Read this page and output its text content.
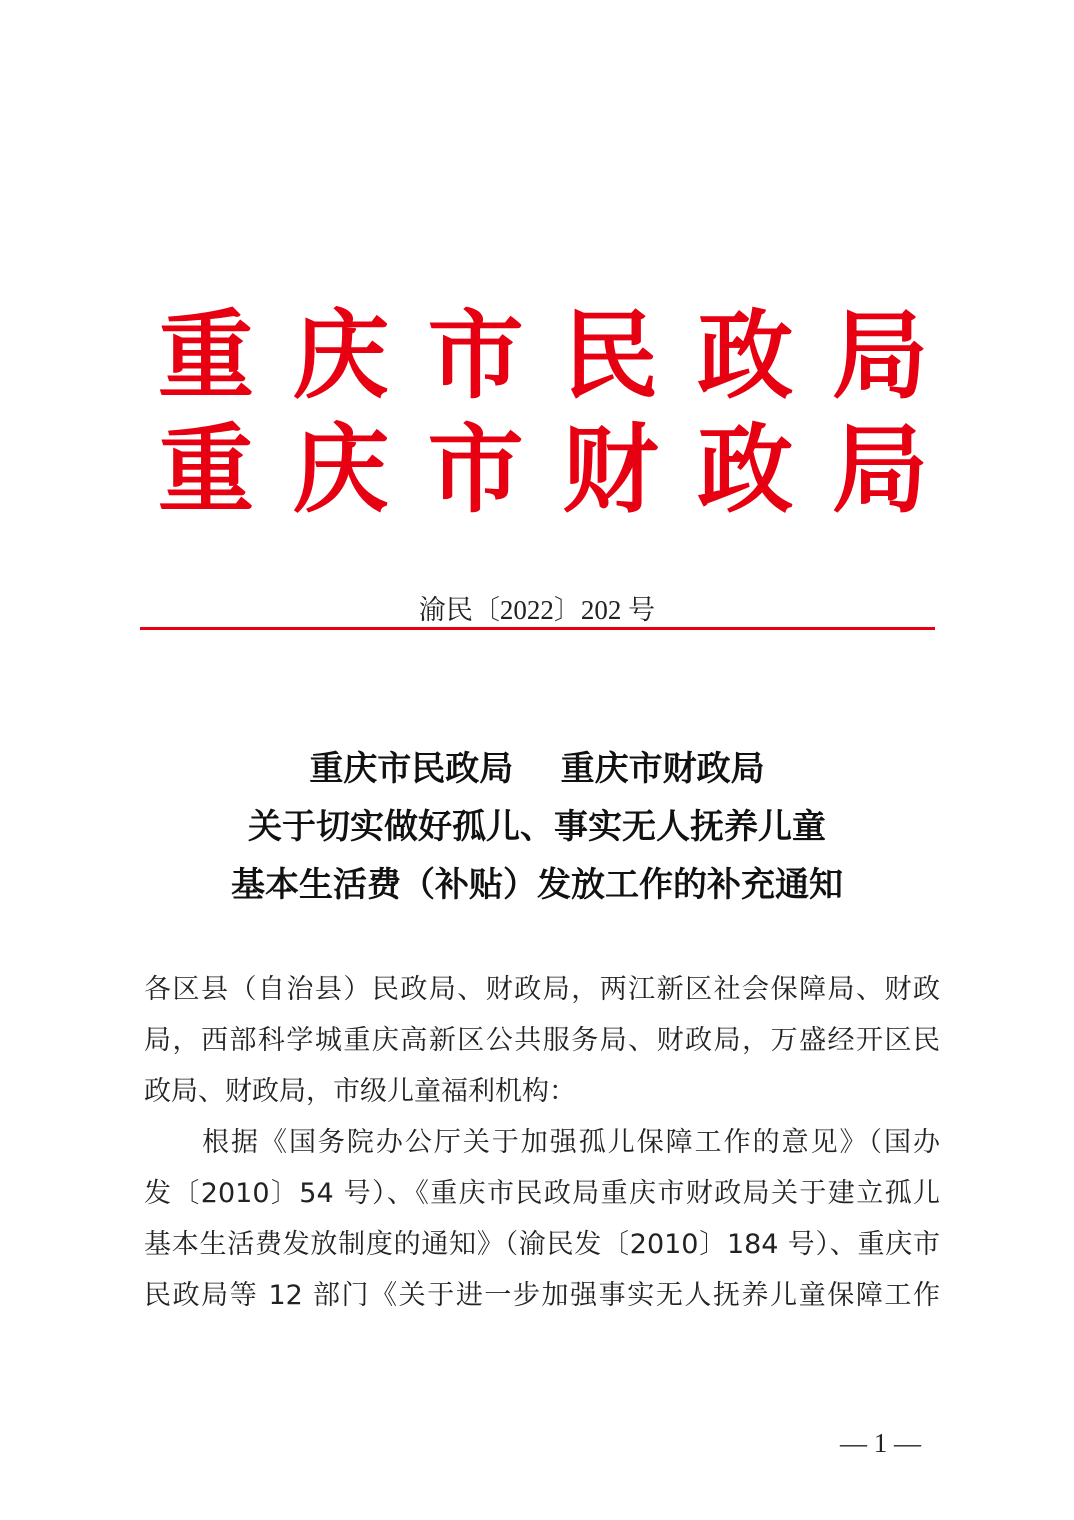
重 庆 市 民 政 局
重 庆 市 财 政 局
渝民〔2022〕202 号
重庆市民政局    重庆市财政局
关于切实做好孤儿、事实无人抚养儿童
基本生活费（补贴）发放工作的补充通知
各区县（自治县）民政局、财政局，两江新区社会保障局、财政
局，西部科学城重庆高新区公共服务局、财政局，万盛经开区民
政局、财政局，市级儿童福利机构：
根据《国务院办公厅关于加强孤儿保障工作的意见》（国办
发〔2010〕54 号）、《重庆市民政局重庆市财政局关于建立孤儿
基本生活费发放制度的通知》（渝民发〔2010〕184 号）、重庆市
民政局等 12 部门《关于进一步加强事实无人抚养儿童保障工作
— 1 —
